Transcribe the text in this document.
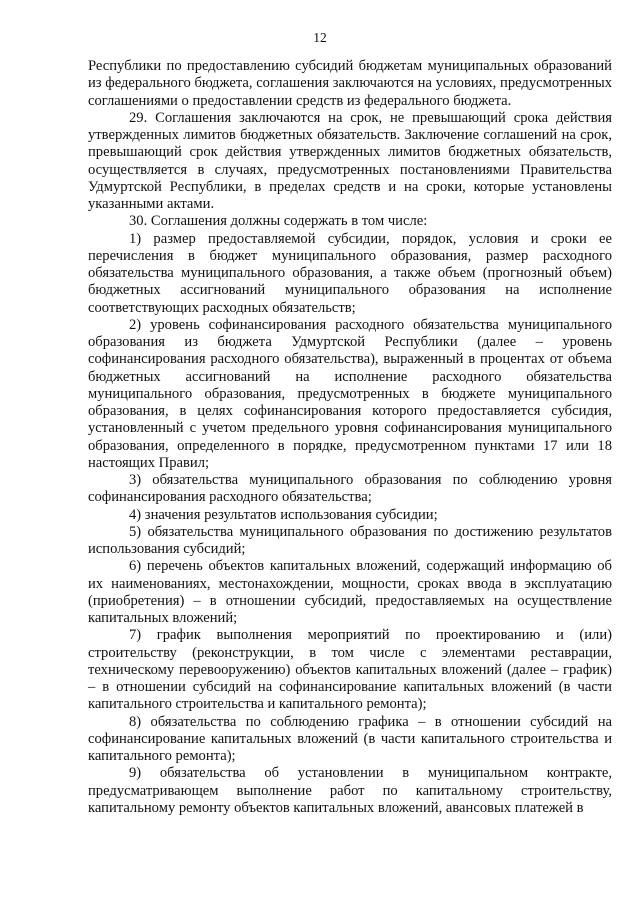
12

Республики по предоставлению субсидий бюджетам муниципальных образований из федерального бюджета, соглашения заключаются на условиях, предусмотренных соглашениями о предоставлении средств из федерального бюджета.

29. Соглашения заключаются на срок, не превышающий срока действия утвержденных лимитов бюджетных обязательств. Заключение соглашений на срок, превышающий срок действия утвержденных лимитов бюджетных обязательств, осуществляется в случаях, предусмотренных постановлениями Правительства Удмуртской Республики, в пределах средств и на сроки, которые установлены указанными актами.

30. Соглашения должны содержать в том числе:

1) размер предоставляемой субсидии, порядок, условия и сроки ее перечисления в бюджет муниципального образования, размер расходного обязательства муниципального образования, а также объем (прогнозный объем) бюджетных ассигнований муниципального образования на исполнение соответствующих расходных обязательств;

2) уровень софинансирования расходного обязательства муниципального образования из бюджета Удмуртской Республики (далее – уровень софинансирования расходного обязательства), выраженный в процентах от объема бюджетных ассигнований на исполнение расходного обязательства муниципального образования, предусмотренных в бюджете муниципального образования, в целях софинансирования которого предоставляется субсидия, установленный с учетом предельного уровня софинансирования муниципального образования, определенного в порядке, предусмотренном пунктами 17 или 18 настоящих Правил;

3) обязательства муниципального образования по соблюдению уровня софинансирования расходного обязательства;

4) значения результатов использования субсидии;

5) обязательства муниципального образования по достижению результатов использования субсидий;

6) перечень объектов капитальных вложений, содержащий информацию об их наименованиях, местонахождении, мощности, сроках ввода в эксплуатацию (приобретения) – в отношении субсидий, предоставляемых на осуществление капитальных вложений;

7) график выполнения мероприятий по проектированию и (или) строительству (реконструкции, в том числе с элементами реставрации, техническому перевооружению) объектов капитальных вложений (далее – график) – в отношении субсидий на софинансирование капитальных вложений (в части капитального строительства и капитального ремонта);

8) обязательства по соблюдению графика – в отношении субсидий на софинансирование капитальных вложений (в части капитального строительства и капитального ремонта);

9) обязательства об установлении в муниципальном контракте, предусматривающем выполнение работ по капитальному строительству, капитальному ремонту объектов капитальных вложений, авансовых платежей в
